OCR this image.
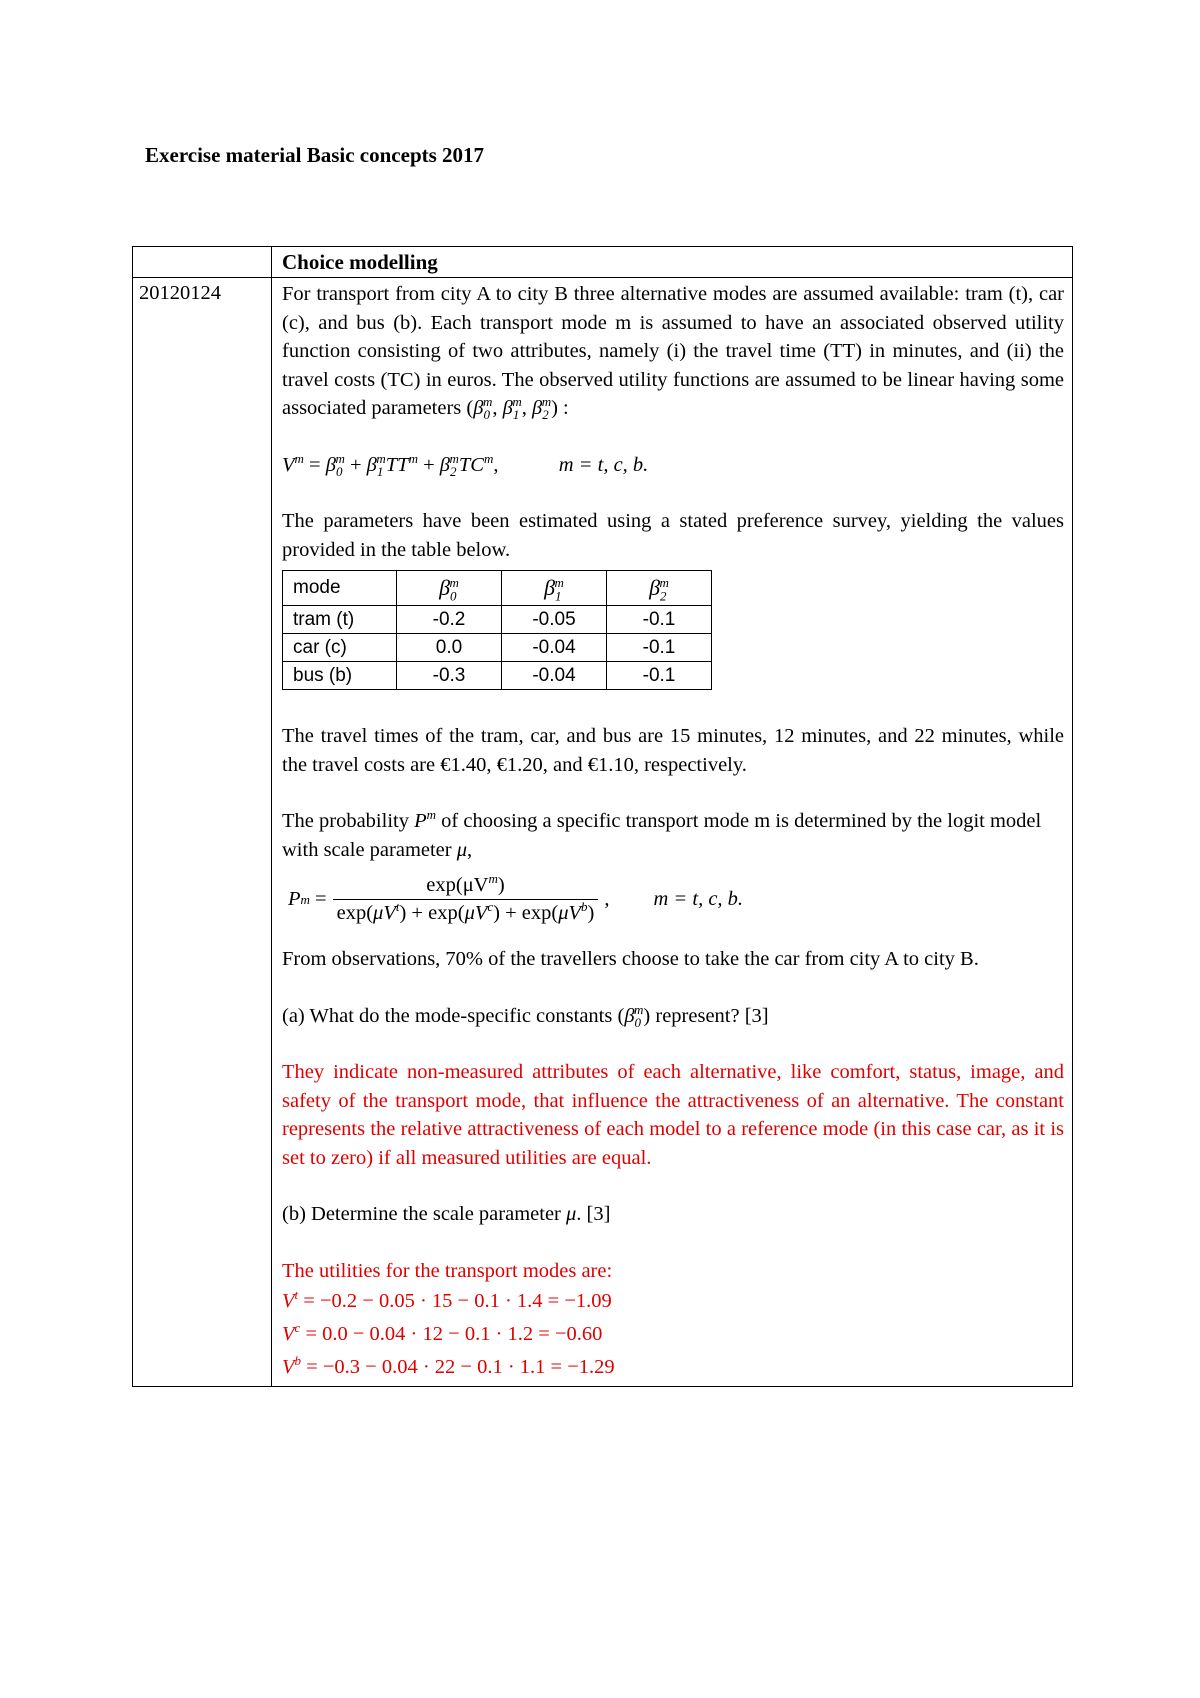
Exercise material Basic concepts 2017

Choice modelling

20120124	For transport from city A to city B three alternative modes are assumed available: tram (t), car (c), and bus (b). Each transport mode m is assumed to have an associated observed utility function consisting of two attributes, namely (i) the travel time (TT) in minutes, and (ii) the travel costs (TC) in euros. The observed utility functions are assumed to be linear having some associated parameters ($\beta_0^m$, $\beta_1^m$, $\beta_2^m$) :

$V^m = \beta_0^m + \beta_1^mTT^m + \beta_2^mTC^m$,	m = t, c, b.

The parameters have been estimated using a stated preference survey, yielding the values provided in the table below.

mode	$\beta_0^m$	$\beta_1^m$	$\beta_2^m$
tram (t)	-0.2	-0.05	-0.1
car (c)	0.0	-0.04	-0.1
bus (b)	-0.3	-0.04	-0.1

The travel times of the tram, car, and bus are 15 minutes, 12 minutes, and 22 minutes, while the travel costs are €1.40, €1.20, and €1.10, respectively.

The probability $P^m$ of choosing a specific transport mode m is determined by the logit model with scale parameter μ,

P $m = \frac{\exp(\mu V^m)}{\exp(\mu V^t) + \exp(\mu V^c) + \exp(\mu V^b)}$ , m = t, c, b.

From observations, 70% of the travellers choose to take the car from city A to city B.

(a) What do the mode-specific constants $(\beta_0^m)$ represent? [3]

They indicate non-measured attributes of each alternative, like comfort, status, image, and safety of the transport mode, that influence the attractiveness of an alternative. The constant represents the relative attractiveness of each model to a reference mode (in this case car, as it is set to zero) if all measured utilities are equal.

(b) Determine the scale parameter μ. [3]

The utilities for the transport modes are:

$V^t = -0.2 - 0.05 \cdot 15 - 0.1 \cdot 1.4 = -1.09$
$V^c = 0.0 - 0.04 \cdot 12 - 0.1 \cdot 1.2 = -0.60$
$V^b = -0.3 - 0.04 \cdot 22 - 0.1 \cdot 1.1 = -1.29$
